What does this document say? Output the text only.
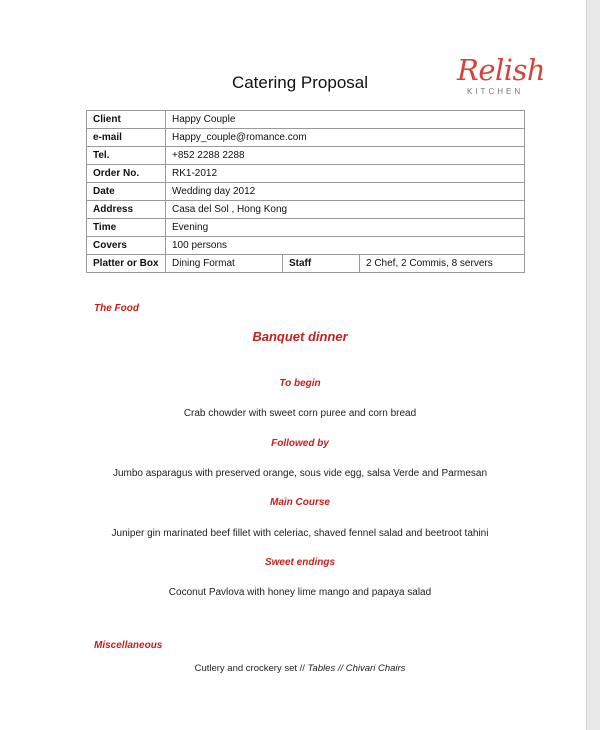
Catering Proposal	Relish
KITCHEN
Client	Happy Couple		
e-mail	Happy_couple@romance.com		
Tel.	+852 2288 2288		
Order No.	RK1-2012		
Date	Wedding day 2012		
Address	Casa del Sol , Hong Kong		
Time	Evening		
Covers	100 persons		
Platter or Box	Dining Format	Staff	2 Chef, 2 Commis, 8 servers
The Food
Banquet dinner
To begin
Crab chowder with sweet corn puree and corn bread
Followed by
Jumbo asparagus with preserved orange, sous vide egg, salsa Verde and Parmesan
Main Course
Juniper gin marinated beef fillet with celeriac, shaved fennel salad and beetroot tahini
Sweet endings
Coconut Pavlova with honey lime mango and papaya salad
Miscellaneous
Cutlery and crockery set // Tables // Chivari Chairs
